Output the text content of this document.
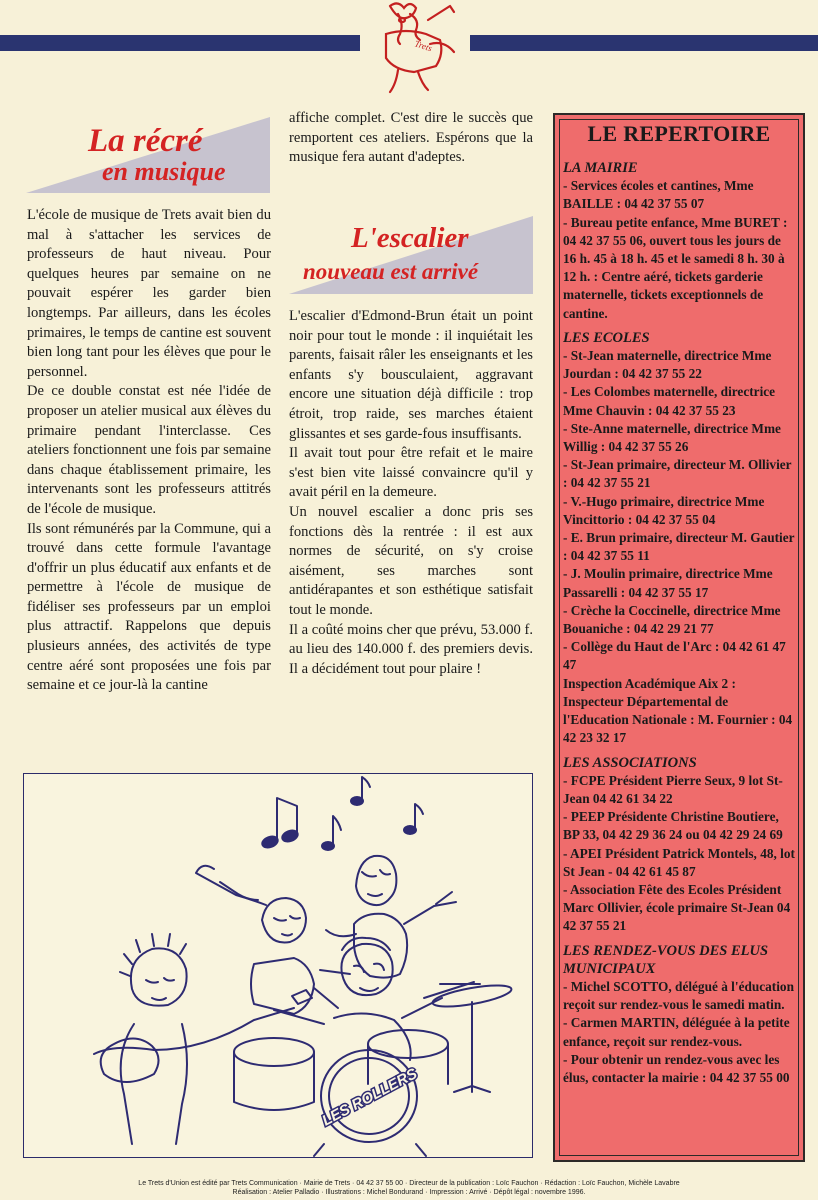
Trets
La récré
en musique

L'école de musique de Trets avait bien du mal à s'attacher les services de professeurs de haut niveau. Pour quelques heures par semaine on ne pouvait espérer les garder bien longtemps. Par ailleurs, dans les écoles primaires, le temps de cantine est souvent bien long tant pour les élèves que pour le personnel.

De ce double constat est née l'idée de proposer un atelier musical aux élèves du primaire pendant l'interclasse. Ces ateliers fonctionnent une fois par semaine dans chaque établissement primaire, les intervenants sont les professeurs attitrés de l'école de musique.

Ils sont rémunérés par la Commune, qui a trouvé dans cette formule l'avantage d'offrir un plus éducatif aux enfants et de permettre à l'école de musique de fidéliser ses professeurs par un emploi plus attractif. Rappelons que depuis plusieurs années, des activités de type centre aéré sont proposées une fois par semaine et ce jour-là la cantine

affiche complet. C'est dire le succès que remportent ces ateliers. Espérons que la musique fera autant d'adeptes.

L'escalier
nouveau est arrivé

L'escalier d'Edmond-Brun était un point noir pour tout le monde : il inquiétait les parents, faisait râler les enseignants et les enfants s'y bousculaient, aggravant encore une situation déjà difficile : trop étroit, trop raide, ses marches étaient glissantes et ses garde-fous insuffisants.

Il avait tout pour être refait et le maire s'est bien vite laissé convaincre qu'il y avait péril en la demeure.

Un nouvel escalier a donc pris ses fonctions dès la rentrée : il est aux normes de sécurité, on s'y croise aisément, ses marches sont antidérapantes et son esthétique satisfait tout le monde.

Il a coûté moins cher que prévu, 53.000 f. au lieu des 140.000 f. des premiers devis. Il a décidément tout pour plaire !

LE REPERTOIRE
LA MAIRIE
- Services écoles et cantines, Mme BAILLE : 04 42 37 55 07
- Bureau petite enfance, Mme BURET : 04 42 37 55 06, ouvert tous les jours de 16 h. 45 à 18 h. 45 et le samedi 8 h. 30 à 12 h. : Centre aéré, tickets garderie maternelle, tickets exceptionnels de cantine.
LES ECOLES
- St-Jean maternelle, directrice Mme Jourdan : 04 42 37 55 22
- Les Colombes maternelle, directrice Mme Chauvin : 04 42 37 55 23
- Ste-Anne maternelle, directrice Mme Willig : 04 42 37 55 26
- St-Jean primaire, directeur M. Ollivier : 04 42 37 55 21
- V.-Hugo primaire, directrice Mme Vincittorio : 04 42 37 55 04
- E. Brun primaire, directeur M. Gautier : 04 42 37 55 11
- J. Moulin primaire, directrice Mme Passarelli : 04 42 37 55 17
- Crèche la Coccinelle, directrice Mme Bouaniche : 04 42 29 21 77
- Collège du Haut de l'Arc : 04 42 61 47 47
Inspection Académique Aix 2 : Inspecteur Départemental de l'Education Nationale : M. Fournier : 04 42 23 32 17
LES ASSOCIATIONS
- FCPE Président Pierre Seux, 9 lot St-Jean 04 42 61 34 22
- PEEP Présidente Christine Boutiere, BP 33, 04 42 29 36 24 ou 04 42 29 24 69
- APEI Président Patrick Montels, 48, lot St Jean - 04 42 61 45 87
- Association Fête des Ecoles Président Marc Ollivier, école primaire St-Jean 04 42 37 55 21
LES RENDEZ-VOUS DES ELUS MUNICIPAUX
- Michel SCOTTO, délégué à l'éducation reçoit sur rendez-vous le samedi matin.
- Carmen MARTIN, déléguée à la petite enfance, reçoit sur rendez-vous.
- Pour obtenir un rendez-vous avec les élus, contacter la mairie : 04 42 37 55 00
LES ROLLERS
Le Trets d'Union est édité par Trets Communication · Mairie de Trets · 04 42 37 55 00 · Directeur de la publication : Loïc Fauchon · Rédaction : Loïc Fauchon, Michèle Lavabre
Réalisation : Atelier Palladio · Illustrations : Michel Bondurand · Impression : Arrivé · Dépôt légal : novembre 1996.
